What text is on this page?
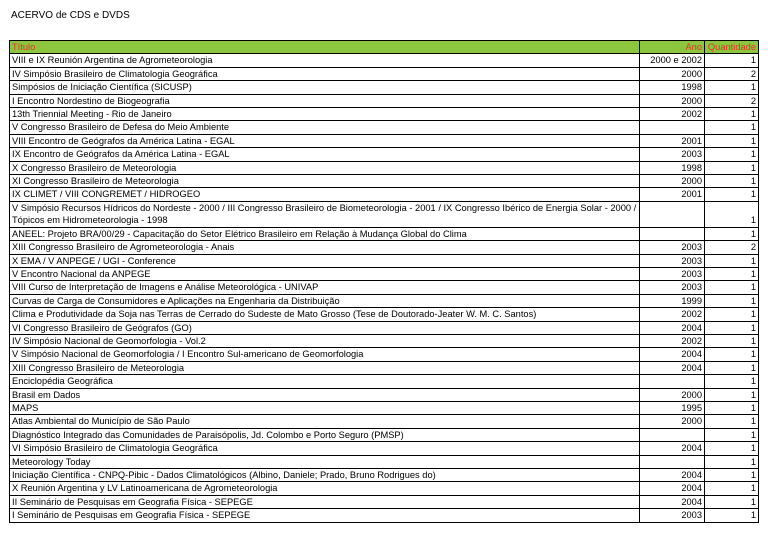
ACERVO de CDS e DVDS
Título	Ano	Quantidade
VIII e IX Reunión Argentina de Agrometeorologia	2000 e 2002	1
IV Simpósio Brasileiro de Climatologia Geográfica	2000	2
Simpósios de Iniciação Científica (SICUSP)	1998	1
I Encontro Nordestino de Biogeografia	2000	2
13th Triennial Meeting - Rio de Janeiro	2002	1
V Congresso Brasileiro de Defesa do Meio Ambiente		1
VIII Encontro de Geógrafos da América Latina - EGAL	2001	1
IX Encontro de Geógrafos da América Latina - EGAL	2003	1
X Congresso Brasileiro de Meteorologia	1998	1
XI Congresso Brasileiro de Meteorologia	2000	1
IX CLIMET / VIII CONGREMET / HIDROGEO	2001	1
V Simpósio Recursos Hídricos do Nordeste - 2000 / III Congresso Brasileiro de Biometeorologia - 2001 / IX Congresso Ibérico de Energia Solar - 2000 / Tópicos em Hidrometeorologia - 1998		1
ANEEL: Projeto BRA/00/29 - Capacitação do Setor Elétrico Brasileiro em Relação à Mudança Global do Clima		1
XIII Congresso Brasileiro de Agrometeorologia - Anais	2003	2
X EMA / V ANPEGE / UGI - Conference	2003	1
V Encontro Nacional da ANPEGE	2003	1
VIII Curso de Interpretação de Imagens e Análise Meteorológica - UNIVAP	2003	1
Curvas de Carga de Consumidores e Aplicações na Engenharia da Distribuição	1999	1
Clima e Produtividade da Soja nas Terras de Cerrado do Sudeste de Mato Grosso (Tese de Doutorado-Jeater W. M. C. Santos)	2002	1
VI Congresso Brasileiro de Geógrafos (GO)	2004	1
IV Simpósio Nacional de Geomorfologia - Vol.2	2002	1
V Simpósio Nacional de Geomorfologia / I Encontro Sul-americano de Geomorfologia	2004	1
XIII Congresso Brasileiro de Meteorologia	2004	1
Enciclopédia Geográfica		1
Brasil em Dados	2000	1
MAPS	1995	1
Atlas Ambiental do Município de São Paulo	2000	1
Diagnóstico Integrado das Comunidades de Paraisópolis, Jd. Colombo e Porto Seguro (PMSP)		1
VI Simpósio Brasileiro de Climatologia Geográfica	2004	1
Meteorology Today		1
Iniciação Científica - CNPQ-Pibic - Dados Climatológicos (Albino, Daniele; Prado, Bruno Rodrigues do)	2004	1
X Reunión Argentina y LV Latinoamericana de Agrometeorologia	2004	1
II Seminário de Pesquisas em Geografia Física - SEPEGE	2004	1
I Seminário de Pesquisas em Geografia Física - SEPEGE	2003	1
